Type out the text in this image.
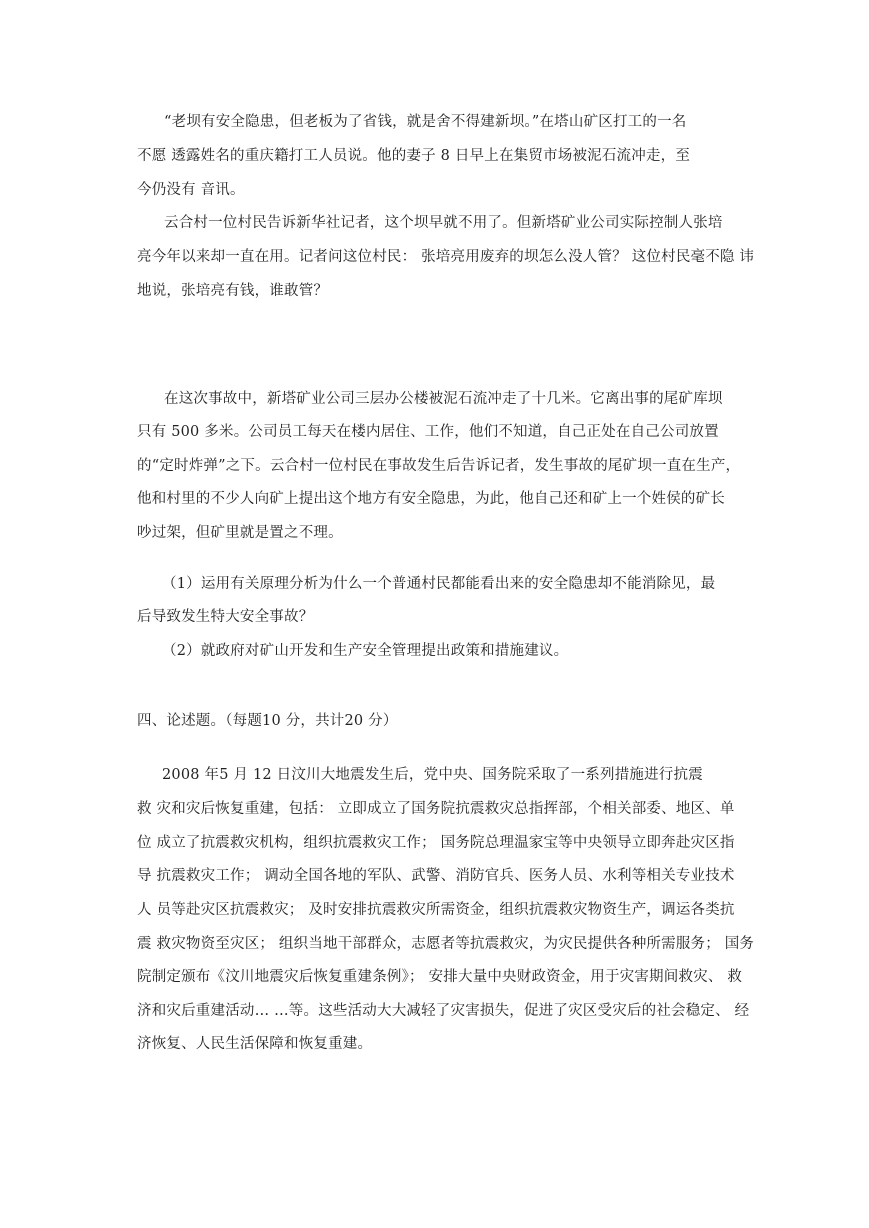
“老坝有安全隐患，但老板为了省钱，就是舍不得建新坝。”在塔山矿区打工的一名
不愿 透露姓名的重庆籍打工人员说。他的妻子 8 日早上在集贸市场被泥石流冲走，至
今仍没有 音讯。
云合村一位村民告诉新华社记者，这个坝早就不用了。但新塔矿业公司实际控制人张培
亮今年以来却一直在用。记者问这位村民： 张培亮用废弃的坝怎么没人管？ 这位村民毫不隐 讳
地说，张培亮有钱，谁敢管？
在这次事故中，新塔矿业公司三层办公楼被泥石流冲走了十几米。它离出事的尾矿库坝
只有 500 多米。公司员工每天在楼内居住、工作，他们不知道，自己正处在自己公司放置
的“定时炸弹”之下。云合村一位村民在事故发生后告诉记者，发生事故的尾矿坝一直在生产，
他和村里的不少人向矿上提出这个地方有安全隐患，为此，他自己还和矿上一个姓侯的矿长
吵过架，但矿里就是置之不理。
（1）运用有关原理分析为什么一个普通村民都能看出来的安全隐患却不能消除见，最
后导致发生特大安全事故？
（2）就政府对矿山开发和生产安全管理提出政策和措施建议。
四、论述题。（每题10 分，共计20 分）
2008 年5 月 12 日汶川大地震发生后，党中央、国务院采取了一系列措施进行抗震
救 灾和灾后恢复重建，包括： 立即成立了国务院抗震救灾总指挥部，个相关部委、地区、单
位 成立了抗震救灾机构，组织抗震救灾工作； 国务院总理温家宝等中央领导立即奔赴灾区指
导 抗震救灾工作； 调动全国各地的军队、武警、消防官兵、医务人员、水利等相关专业技术
人 员等赴灾区抗震救灾； 及时安排抗震救灾所需资金，组织抗震救灾物资生产，调运各类抗
震 救灾物资至灾区； 组织当地干部群众，志愿者等抗震救灾，为灾民提供各种所需服务； 国务
院制定颁布《汶川地震灾后恢复重建条例》； 安排大量中央财政资金，用于灾害期间救灾、 救
济和灾后重建活动… …等。这些活动大大减轻了灾害损失，促进了灾区受灾后的社会稳定、 经
济恢复、人民生活保障和恢复重建。
